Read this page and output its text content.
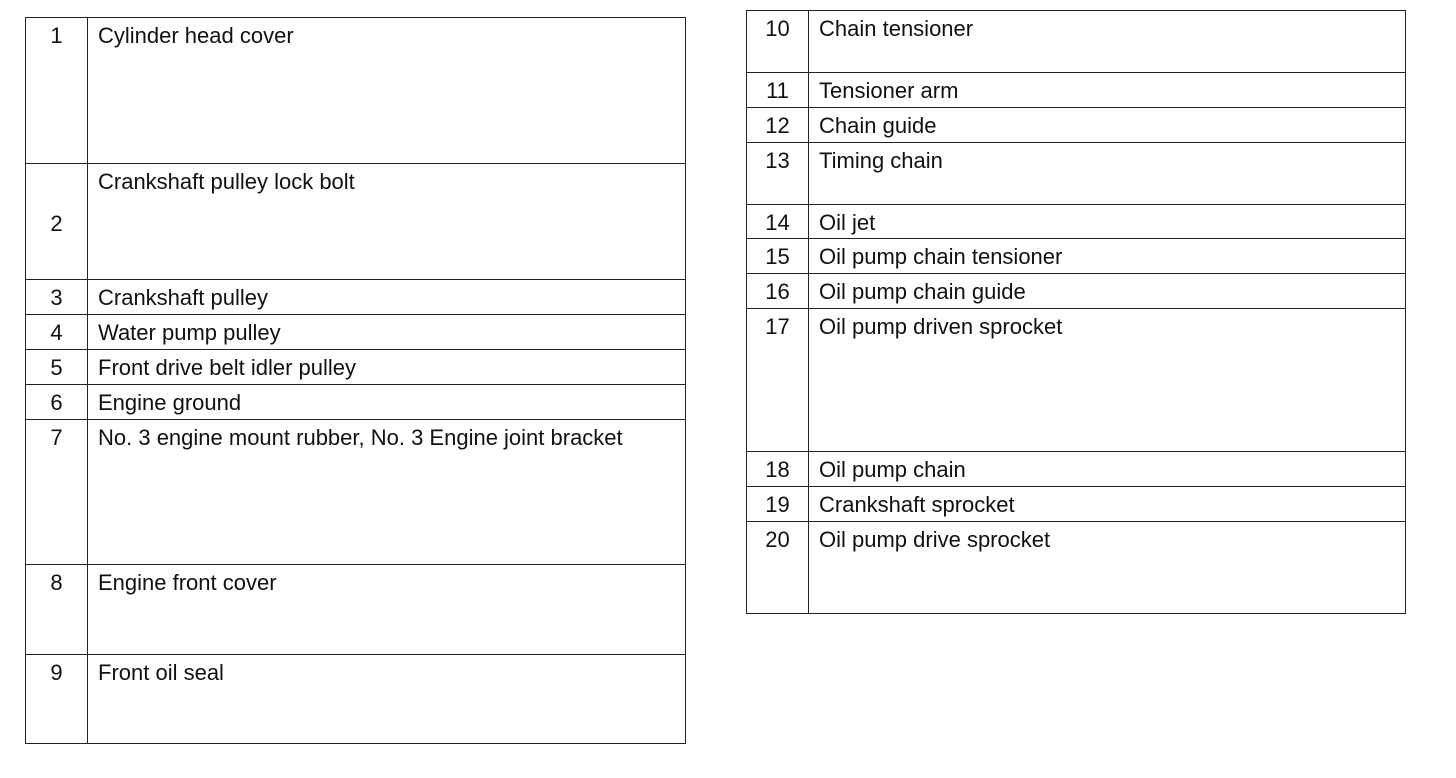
1	Cylinder head cover
2	Crankshaft pulley lock bolt
3	Crankshaft pulley
4	Water pump pulley
5	Front drive belt idler pulley
6	Engine ground
7	No. 3 engine mount rubber, No. 3 Engine joint bracket
8	Engine front cover
9	Front oil seal
10	Chain tensioner
11	Tensioner arm
12	Chain guide
13	Timing chain
14	Oil jet
15	Oil pump chain tensioner
16	Oil pump chain guide
17	Oil pump driven sprocket
18	Oil pump chain
19	Crankshaft sprocket
20	Oil pump drive sprocket
